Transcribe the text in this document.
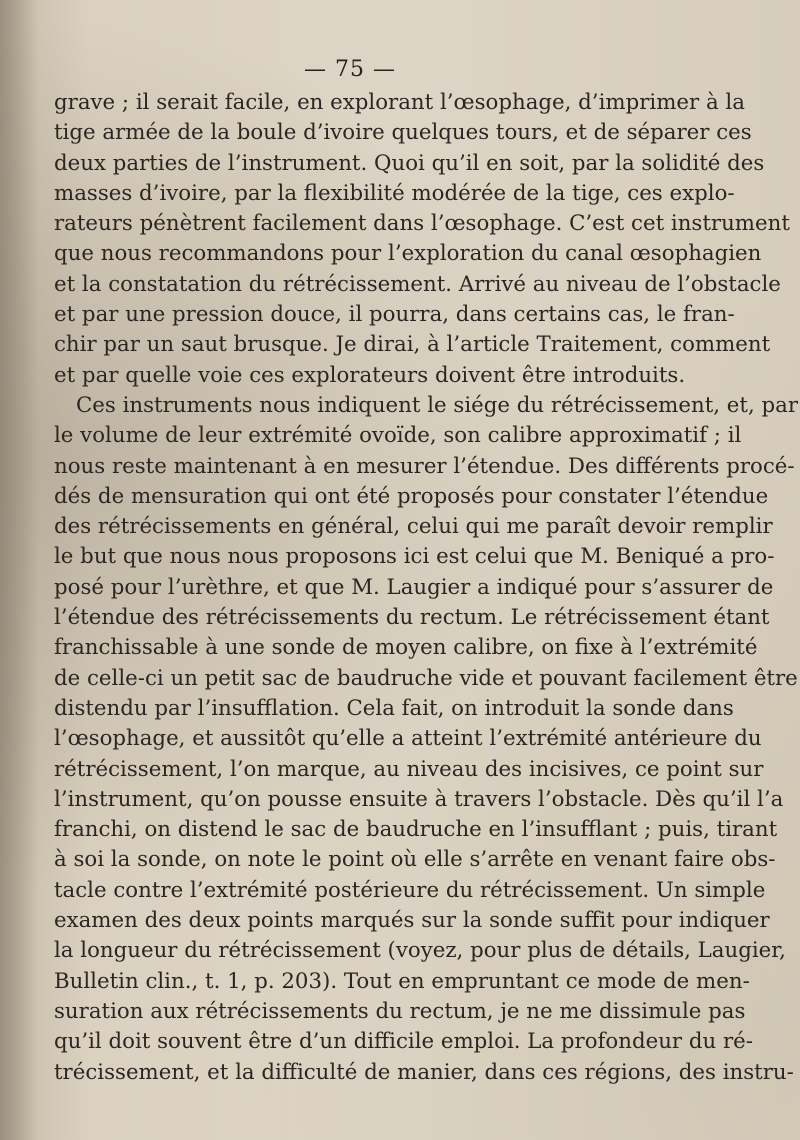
— 75 —
grave ; il serait facile, en explorant l’œsophage, d’imprimer à la
tige armée de la boule d’ivoire quelques tours, et de séparer ces
deux parties de l’instrument. Quoi qu’il en soit, par la solidité des
masses d’ivoire, par la flexibilité modérée de la tige, ces explo-
rateurs pénètrent facilement dans l’œsophage. C’est cet instrument
que nous recommandons pour l’exploration du canal œsophagien
et la constatation du rétrécissement. Arrivé au niveau de l’obstacle
et par une pression douce, il pourra, dans certains cas, le fran-
chir par un saut brusque. Je dirai, à l’article Traitement, comment
et par quelle voie ces explorateurs doivent être introduits.
Ces instruments nous indiquent le siége du rétrécissement, et, par
le volume de leur extrémité ovoïde, son calibre approximatif ; il
nous reste maintenant à en mesurer l’étendue. Des différents procé-
dés de mensuration qui ont été proposés pour constater l’étendue
des rétrécissements en général, celui qui me paraît devoir remplir
le but que nous nous proposons ici est celui que M. Beniqué a pro-
posé pour l’urèthre, et que M. Laugier a indiqué pour s’assurer de
l’étendue des rétrécissements du rectum. Le rétrécissement étant
franchissable à une sonde de moyen calibre, on fixe à l’extrémité
de celle-ci un petit sac de baudruche vide et pouvant facilement être
distendu par l’insufflation. Cela fait, on introduit la sonde dans
l’œsophage, et aussitôt qu’elle a atteint l’extrémité antérieure du
rétrécissement, l’on marque, au niveau des incisives, ce point sur
l’instrument, qu’on pousse ensuite à travers l’obstacle. Dès qu’il l’a
franchi, on distend le sac de baudruche en l’insufflant ; puis, tirant
à soi la sonde, on note le point où elle s’arrête en venant faire obs-
tacle contre l’extrémité postérieure du rétrécissement. Un simple
examen des deux points marqués sur la sonde suffit pour indiquer
la longueur du rétrécissement (voyez, pour plus de détails, Laugier,
Bulletin clin., t. 1, p. 203). Tout en empruntant ce mode de men-
suration aux rétrécissements du rectum, je ne me dissimule pas
qu’il doit souvent être d’un difficile emploi. La profondeur du ré-
trécissement, et la difficulté de manier, dans ces régions, des instru-
